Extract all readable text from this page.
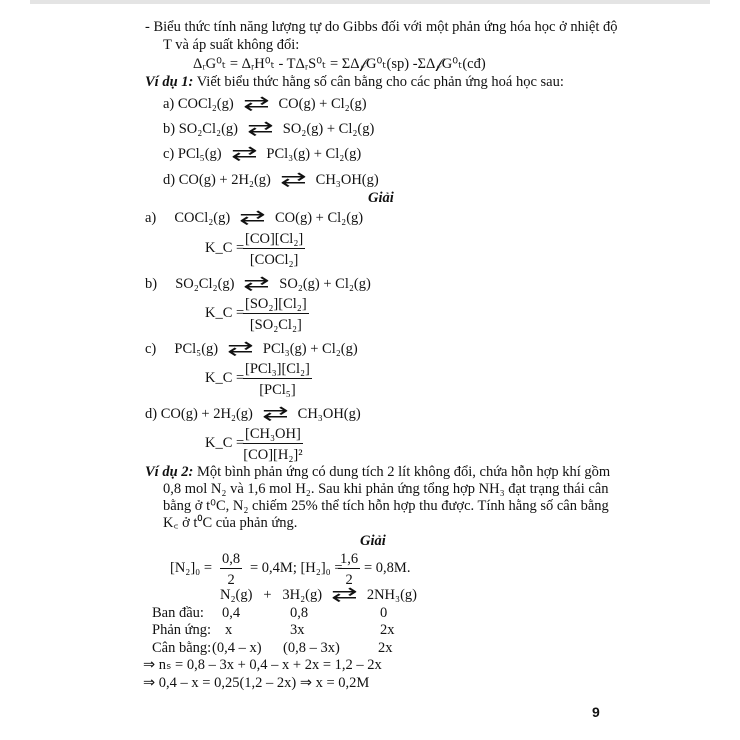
- Biểu thức tính năng lượng tự do Gibbs đối với một phản ứng hóa học ở nhiệt độ
T và áp suất không đổi:
ΔᵣG⁰ₜ = ΔᵣH⁰ₜ - TΔᵣS⁰ₜ = ΣΔ𝒻G⁰ₜ(sp) -ΣΔ𝒻G⁰ₜ(cđ)
Ví dụ 1: Viết biểu thức hằng số cân bằng cho các phản ứng hoá học sau:
a) COCl₂(g) ⇄ CO(g) + Cl₂(g)
b) SO₂Cl₂(g) ⇄ SO₂(g) + Cl₂(g)
c) PCl₅(g) ⇄ PCl₃(g) + Cl₂(g)
d) CO(g) + 2H₂(g) ⇄ CH₃OH(g)
Giải
a) COCl₂(g) ⇄ CO(g) + Cl₂(g)
K_C =
[CO][Cl₂]
[COCl₂]
b) SO₂Cl₂(g) ⇄ SO₂(g) + Cl₂(g)
K_C =
$\frac{\text{[SO₂][Cl₂]}}{\text{[SO₂Cl₂]}}$
c) PCl₅(g) ⇄ PCl₃(g) + Cl₂(g)
K_C =
[PCl₃][Cl₂]
[PCl₅]
d) CO(g) + 2H₂(g) ⇄ CH₃OH(g)
K_C =
$\frac{\text{[CH₃OH]}}{\text{[CO][H₂]²}}$
Ví dụ 2: Một bình phản ứng có dung tích 2 lít không đổi, chứa hỗn hợp khí gồm
0,8 mol N₂ và 1,6 mol H₂. Sau khi phản ứng tổng hợp NH₃ đạt trạng thái cân
bằng ở t⁰C, N₂ chiếm 25% thể tích hỗn hợp thu được. Tính hằng số cân bằng
K꜀ ở t⁰C của phản ứng.
Giải
$[N_2]_0 = \frac{0,8}{2} = 0,4M$; [H₂]₀ =
$\frac{1,6}{2} = 0,8M$.
N₂(g) + 3H₂(g) ⇄ 2NH₃(g)
Ban đầu: 0,4	0,8	0
Phản ứng: x	3x	2x
Cân bằng: (0,4 – x) (0,8 – 3x)	2x
⇒ nₛ = 0,8 – 3x + 0,4 – x + 2x = 1,2 – 2x
⇒ 0,4 – x = 0,25(1,2 – 2x) ⇒ x = 0,2M
9
